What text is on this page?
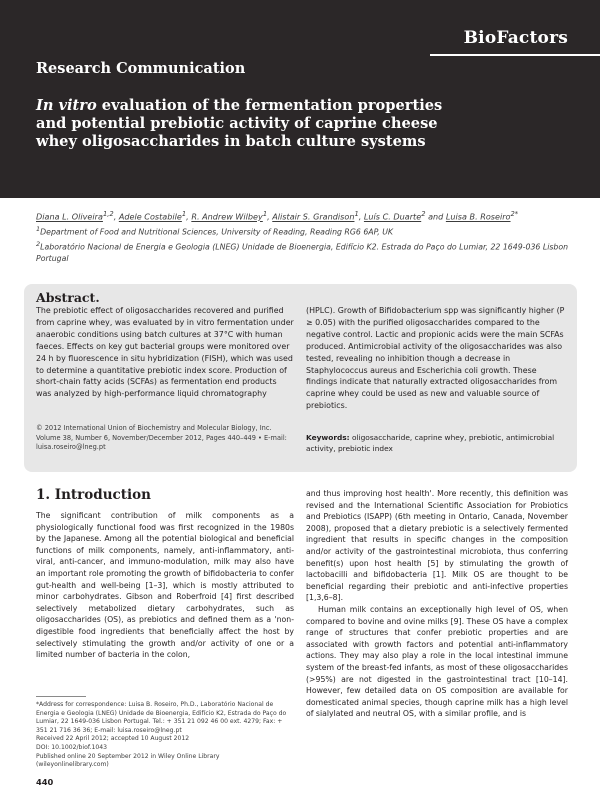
BioFactors
Research Communication
In vitro evaluation of the fermentation properties and potential prebiotic activity of caprine cheese whey oligosaccharides in batch culture systems
Diana L. Oliveira$^{1,2}$, Adele Costabile$^1$, R. Andrew Wilbey$^1$, Alistair S. Grandison$^1$, Luís C. Duarte$^2$ and Luisa B. Roseiro$^{2*}$
$^1$Department of Food and Nutritional Sciences, University of Reading, Reading RG6 6AP, UK
$^2$Laboratório Nacional de Energia e Geologia (LNEG) Unidade de Bioenergia, Edifício K2. Estrada do Paço do Lumiar, 22 1649-036 Lisbon Portugal
Abstract.
The prebiotic effect of oligosaccharides recovered and purified from caprine whey, was evaluated by in vitro fermentation under anaerobic conditions using batch cultures at 37°C with human faeces. Effects on key gut bacterial groups were monitored over 24 h by fluorescence in situ hybridization (FISH), which was used to determine a quantitative prebiotic index score. Production of short-chain fatty acids (SCFAs) as fermentation end products was analyzed by high-performance liquid chromatography
(HPLC). Growth of Bifidobacterium spp was significantly higher (P ≥ 0.05) with the purified oligosaccharides compared to the negative control. Lactic and propionic acids were the main SCFAs produced. Antimicrobial activity of the oligosaccharides was also tested, revealing no inhibition though a decrease in Staphylococcus aureus and Escherichia coli growth. These findings indicate that naturally extracted oligosaccharides from caprine whey could be used as new and valuable source of prebiotics.
© 2012 International Union of Biochemistry and Molecular Biology, Inc. Volume 38, Number 6, November/December 2012, Pages 440–449 • E-mail: luisa.roseiro@lneg.pt
Keywords: oligosaccharide, caprine whey, prebiotic, antimicrobial activity, prebiotic index
1. Introduction

The significant contribution of milk components as a physiologically functional food was first recognized in the 1980s by the Japanese. Among all the potential biological and beneficial functions of milk components, namely, anti-inflammatory, anti-viral, anti-cancer, and immuno-modulation, milk may also have an important role promoting the growth of bifidobacteria to confer gut-health and well-being [1–3], which is mostly attributed to minor carbohydrates. Gibson and Roberfroid [4] first described selectively metabolized dietary carbohydrates, such as oligosaccharides (OS), as prebiotics and defined them as a 'non-digestible food ingredients that beneficially affect the host by selectively stimulating the growth and/or activity of one or a limited number of bacteria in the colon,

and thus improving host health'. More recently, this definition was revised and the International Scientific Association for Probiotics and Prebiotics (ISAPP) (6th meeting in Ontario, Canada, November 2008), proposed that a dietary prebiotic is a selectively fermented ingredient that results in specific changes in the composition and/or activity of the gastrointestinal microbiota, thus conferring benefit(s) upon host health [5] by stimulating the growth of lactobacilli and bifidobacteria [1]. Milk OS are thought to be beneficial regarding their prebiotic and anti-infective properties [1,3,6–8].

Human milk contains an exceptionally high level of OS, when compared to bovine and ovine milks [9]. These OS have a complex range of structures that confer prebiotic properties and are associated with growth factors and potential anti-inflammatory actions. They may also play a role in the local intestinal immune system of the breast-fed infants, as most of these oligosaccharides (>95%) are not digested in the gastrointestinal tract [10–14]. However, few detailed data on OS composition are available for domesticated animal species, though caprine milk has a high level of sialylated and neutral OS, with a similar profile, and is

*Address for correspondence: Luisa B. Roseiro, Ph.D., Laboratório Nacional de Energia e Geologia (LNEG) Unidade de Bioenergia, Edifício K2, Estrada do Paço do Lumiar, 22 1649-036 Lisbon Portugal. Tel.: + 351 21 092 46 00 ext. 4279; Fax: + 351 21 716 36 36; E-mail: luisa.roseiro@lneg.pt
Received 22 April 2012; accepted 10 August 2012
DOI: 10.1002/biof.1043
Published online 20 September 2012 in Wiley Online Library (wileyonlinelibrary.com)
440
